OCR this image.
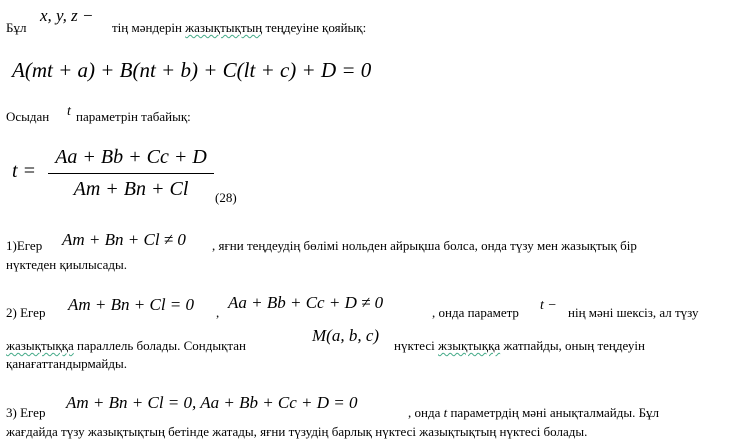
Бұл
x, y, z −
тің мәндерін жазықтықтың теңдеуіне қояйық:
A(mt + a) + B(nt + b) + C(lt + c) + D = 0
Осыдан t параметрін табайық:
t =
Aa + Bb + Cc + D
Am + Bn + Cl	(28)
1)Егер Am + Bn + Cl ≠ 0 , яғни теңдеудің бөлімі нольден айрықша болса, онда түзу мен жазықтық бір
нүктеден қиылысады.
2) Егер Am + Bn + Cl = 0 ,
Aa + Bb + Cc + D ≠ 0
, онда параметр t − нің мәні шексіз, ал түзу
жазықтыққа параллель болады. Сондықтан
M(a, b, c)
нүктесі жзықтыққа жатпайды, оның теңдеуін
қанағаттандырмайды.
3) Егер
Am + Bn + Cl = 0, Aa + Bb + Cc + D = 0
, онда t параметрдің мәні анықталмайды. Бұл
жағдайда түзу жазықтықтың бетінде жатады, яғни түзудің барлық нүктесі жазықтықтың нүктесі болады.
